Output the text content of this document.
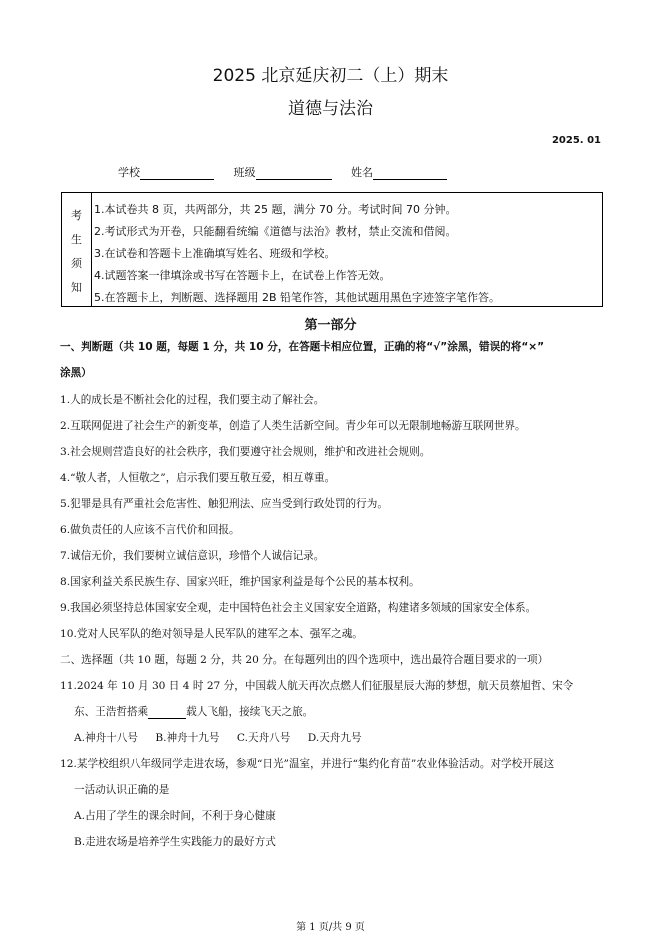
2025 北京延庆初二（上）期末
道德与法治
2025. 01
学校	班级	姓名
考
生
须
知
1.本试卷共 8 页，共两部分，共 25 题，满分 70 分。考试时间 70 分钟。
2.考试形式为开卷，只能翻看统编《道德与法治》教材，禁止交流和借阅。
3.在试卷和答题卡上准确填写姓名、班级和学校。
4.试题答案一律填涂或书写在答题卡上，在试卷上作答无效。
5.在答题卡上，判断题、选择题用 2B 铅笔作答，其他试题用黑色字迹签字笔作答。
第一部分
一、判断题（共 10 题，每题 1 分，共 10 分，在答题卡相应位置，正确的将“√”涂黑，错误的将“×”
涂黑）
1.人的成长是不断社会化的过程，我们要主动了解社会。
2.互联网促进了社会生产的新变革，创造了人类生活新空间。青少年可以无限制地畅游互联网世界。
3.社会规则营造良好的社会秩序，我们要遵守社会规则，维护和改进社会规则。
4.“敬人者，人恒敬之”，启示我们要互敬互爱，相互尊重。
5.犯罪是具有严重社会危害性、触犯刑法、应当受到行政处罚的行为。
6.做负责任的人应该不言代价和回报。
7.诚信无价，我们要树立诚信意识，珍惜个人诚信记录。
8.国家利益关系民族生存、国家兴旺，维护国家利益是每个公民的基本权利。
9.我国必须坚持总体国家安全观，走中国特色社会主义国家安全道路，构建诸多领域的国家安全体系。
10.党对人民军队的绝对领导是人民军队的建军之本、强军之魂。
二、选择题（共 10 题，每题 2 分，共 20 分。在每题列出的四个选项中，选出最符合题目要求的一项）
11.2024 年 10 月 30 日 4 时 27 分，中国载人航天再次点燃人们征服星辰大海的梦想，航天员蔡旭哲、宋令
东、王浩哲搭乘	载人飞船，接续飞天之旅。
A.神舟十八号 B.神舟十九号 C.天舟八号 D.天舟九号
12.某学校组织八年级同学走进农场，参观“日光”温室，并进行“集约化育苗”农业体验活动。对学校开展这
一活动认识正确的是
A.占用了学生的课余时间，不利于身心健康
B.走进农场是培养学生实践能力的最好方式
第 1 页/共 9 页
